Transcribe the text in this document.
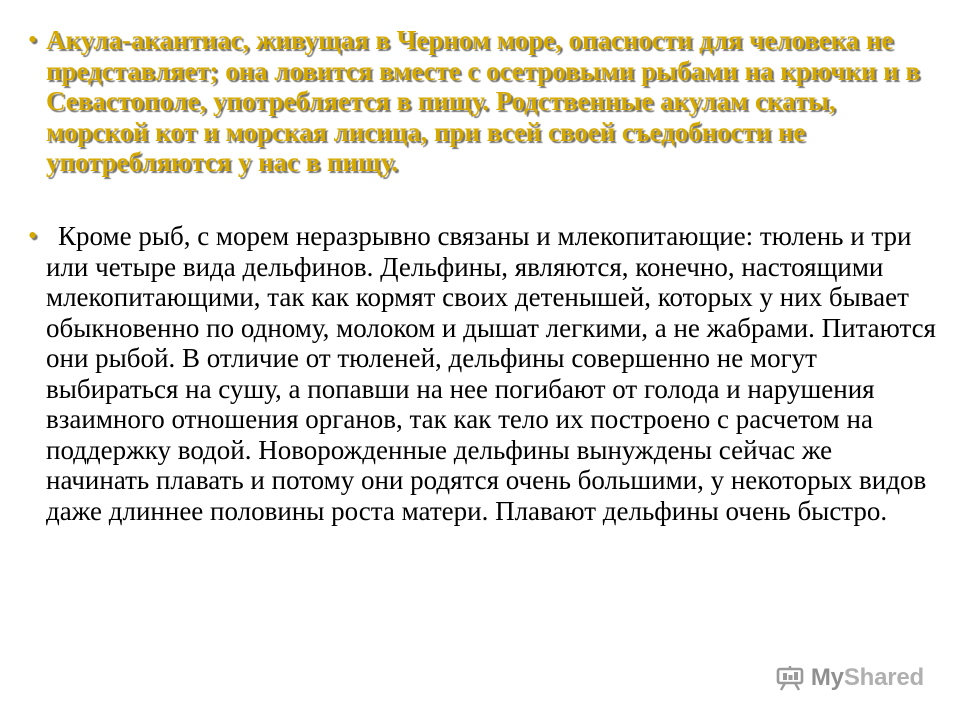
• Акула-акантиас, живущая в Черном море, опасности для человека не представляет; она ловится вместе с осетровыми рыбами на крючки и в Севастополе, употребляется в пищу. Родственные акулам скаты, морской кот и морская лисица, при всей своей съедобности не употребляются у нас в пищу.
• Кроме рыб, с морем неразрывно связаны и млекопитающие: тюлень и три или четыре вида дельфинов. Дельфины, являются, конечно, настоящими млекопитающими, так как кормят своих детенышей, которых у них бывает обыкновенно по одному, молоком и дышат легкими, а не жабрами. Питаются они рыбой. В отличие от тюленей, дельфины совершенно не могут выбираться на сушу, а попавши на нее погибают от голода и нарушения взаимного отношения органов, так как тело их построено с расчетом на поддержку водой. Новорожденные дельфины вынуждены сейчас же начинать плавать и потому они родятся очень большими, у некоторых видов даже длиннее половины роста матери. Плавают дельфины очень быстро.
MyShared
